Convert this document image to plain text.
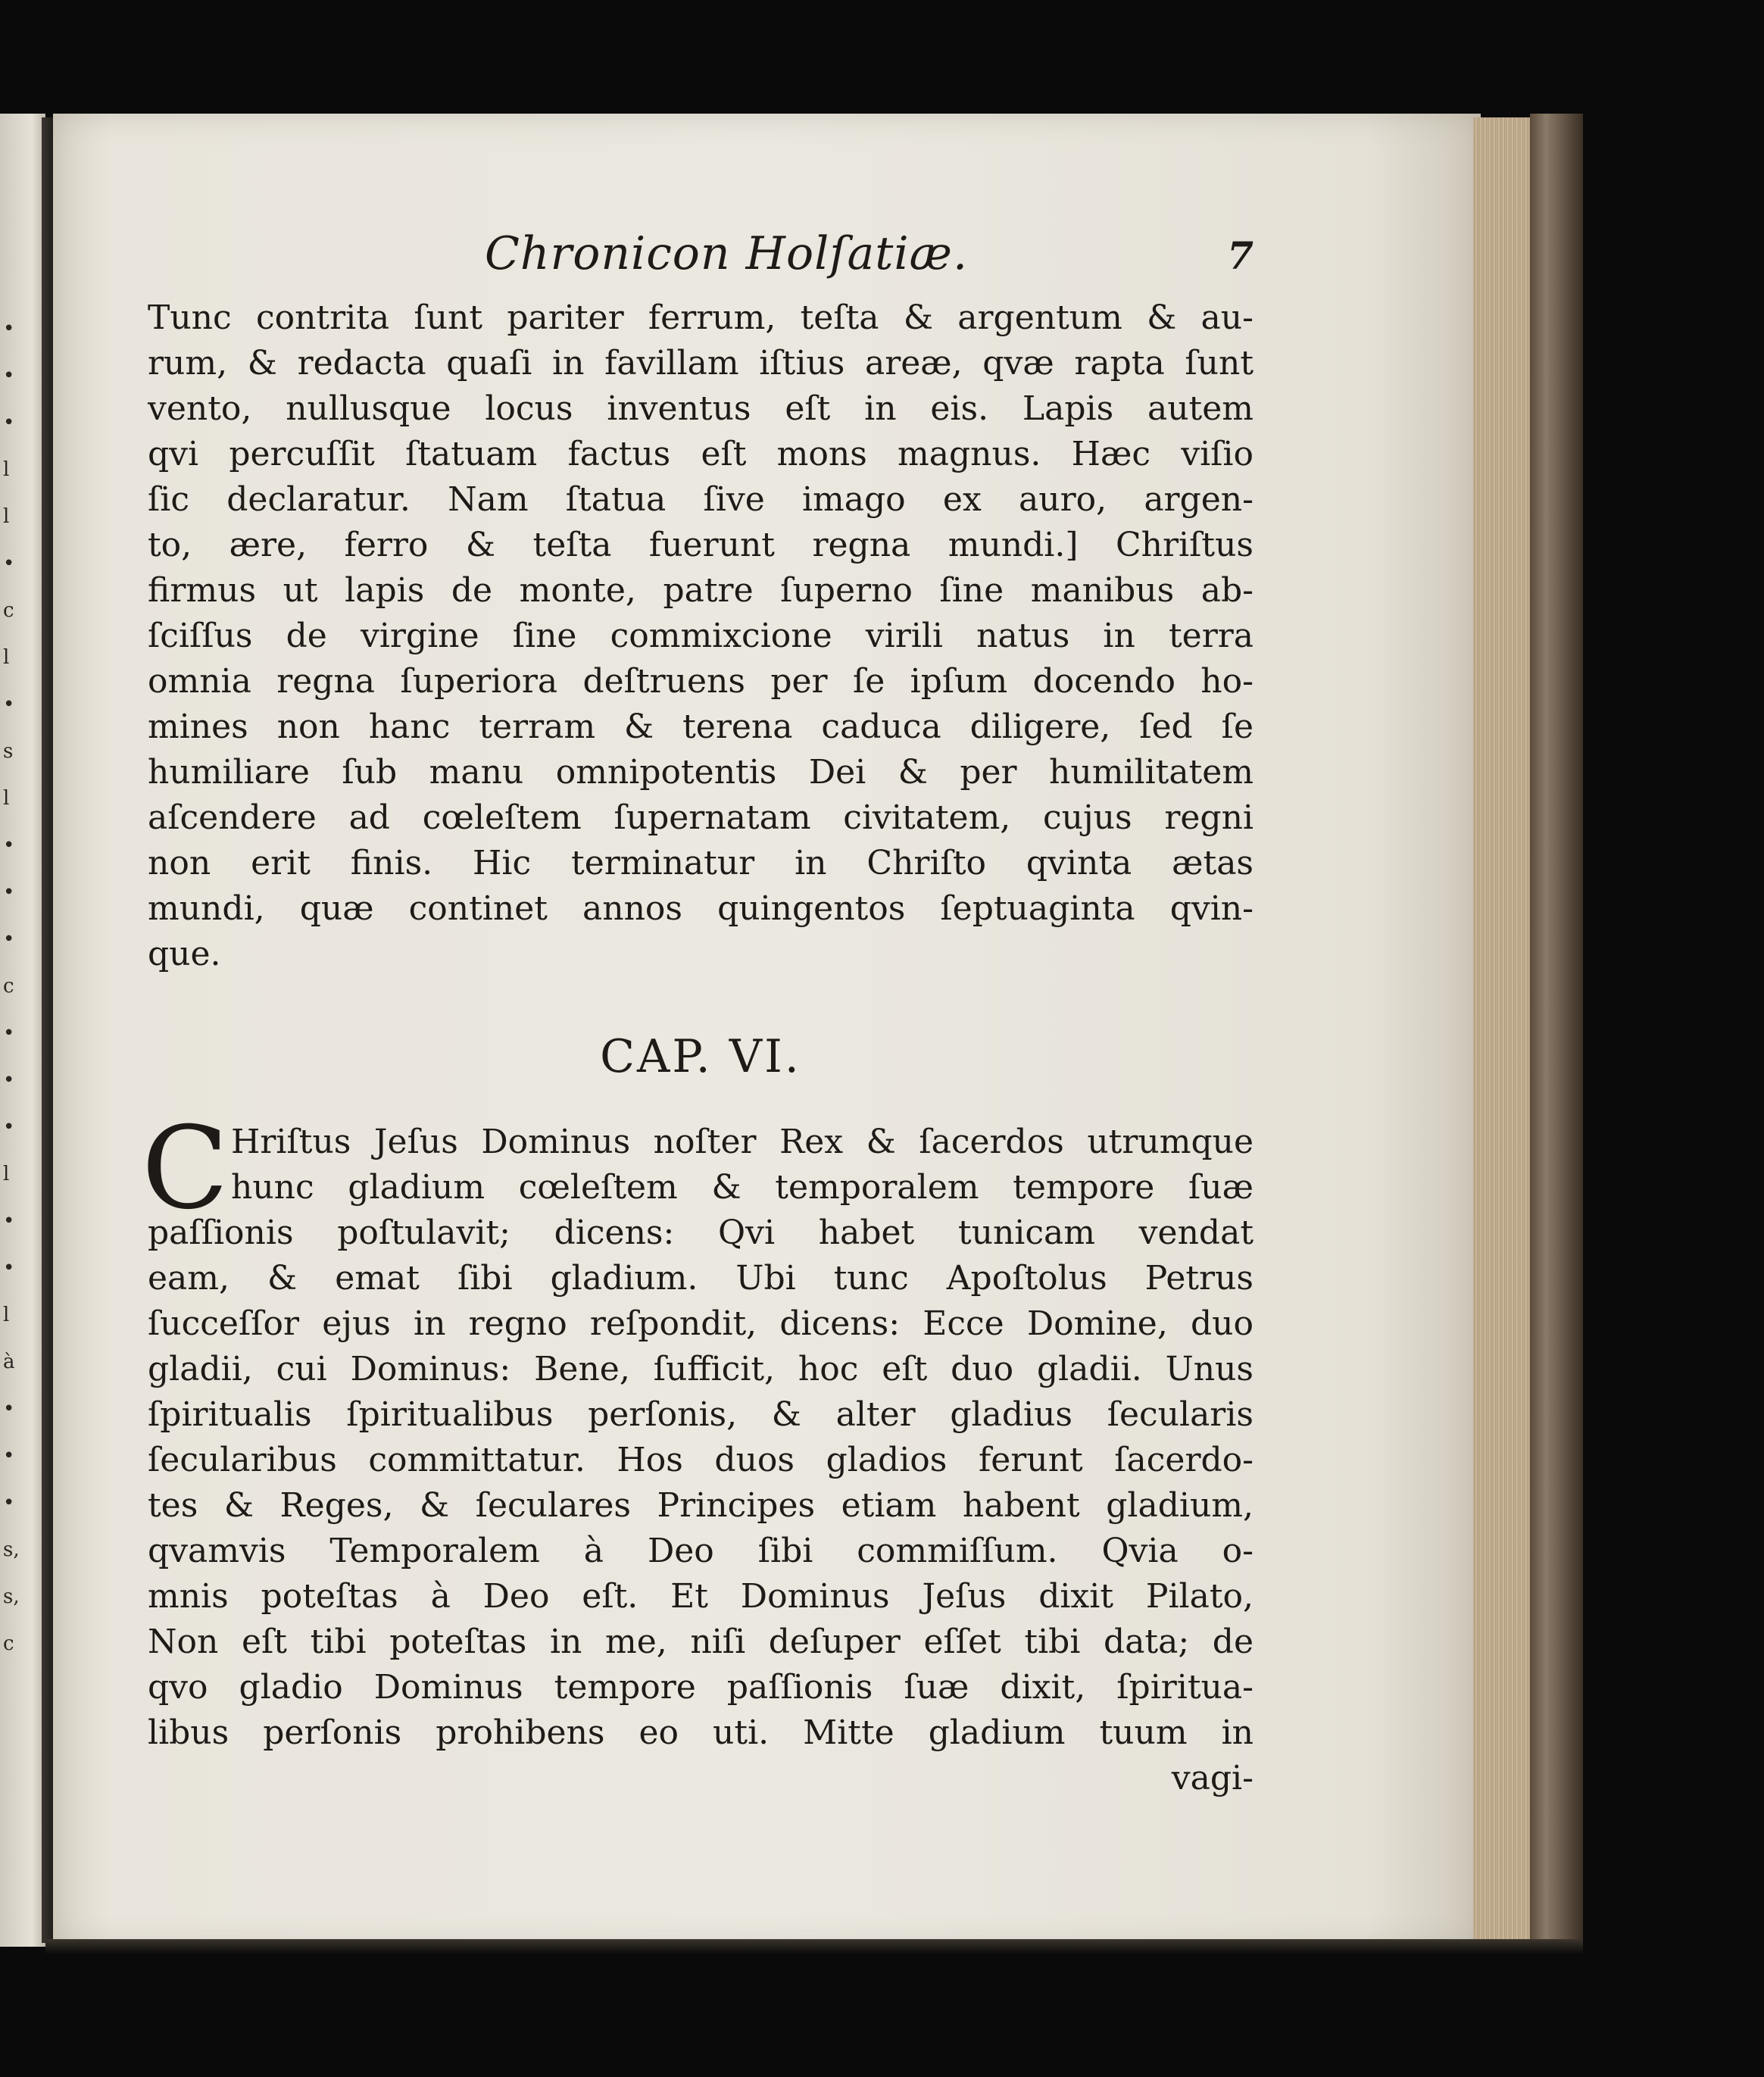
•
•
•
l
l
•
c
l
•
s
l
•
•
•
c
•
•
•
l
•
•
l
à
•
•
•
s,
s,
c
Chronicon Holſatiæ.	7

Tunc contrita ſunt pariter ferrum, teſta & argentum & au-

rum, & redacta quaſi in favillam iſtius areæ, qvæ rapta ſunt

vento, nullusque locus inventus eſt in eis. Lapis autem

qvi percuſſit ſtatuam factus eſt mons magnus. Hæc viſio

ſic declaratur. Nam ſtatua ſive imago ex auro, argen-

to, ære, ferro & teſta fuerunt regna mundi.] Chriſtus

firmus ut lapis de monte, patre ſuperno ſine manibus ab-

ſciſſus de virgine ſine commixcione virili natus in terra

omnia regna ſuperiora deſtruens per ſe ipſum docendo ho-

mines non hanc terram & terena caduca diligere, ſed ſe

humiliare ſub manu omnipotentis Dei & per humilitatem

aſcendere ad cœleſtem ſupernatam civitatem, cujus regni

non erit finis. Hic terminatur in Chriſto qvinta ætas

mundi, quæ continet annos quingentos ſeptuaginta qvin-

que.

CAP. VI.
C Hriſtus Jeſus Dominus noſter Rex & ſacerdos utrumque

hunc gladium cœleſtem & temporalem tempore ſuæ

paſſionis poſtulavit; dicens: Qvi habet tunicam vendat

eam, & emat ſibi gladium. Ubi tunc Apoſtolus Petrus

ſucceſſor ejus in regno reſpondit, dicens: Ecce Domine, duo

gladii, cui Dominus: Bene, ſufficit, hoc eſt duo gladii. Unus

ſpiritualis ſpiritualibus perſonis, & alter gladius ſecularis

ſecularibus committatur. Hos duos gladios ferunt ſacerdo-

tes & Reges, & ſeculares Principes etiam habent gladium,

qvamvis Temporalem à Deo ſibi commiſſum. Qvia o-

mnis poteſtas à Deo eſt. Et Dominus Jeſus dixit Pilato,

Non eſt tibi poteſtas in me, niſi deſuper eſſet tibi data; de

qvo gladio Dominus tempore paſſionis ſuæ dixit, ſpiritua-

libus perſonis prohibens eo uti. Mitte gladium tuum in

vagi-
